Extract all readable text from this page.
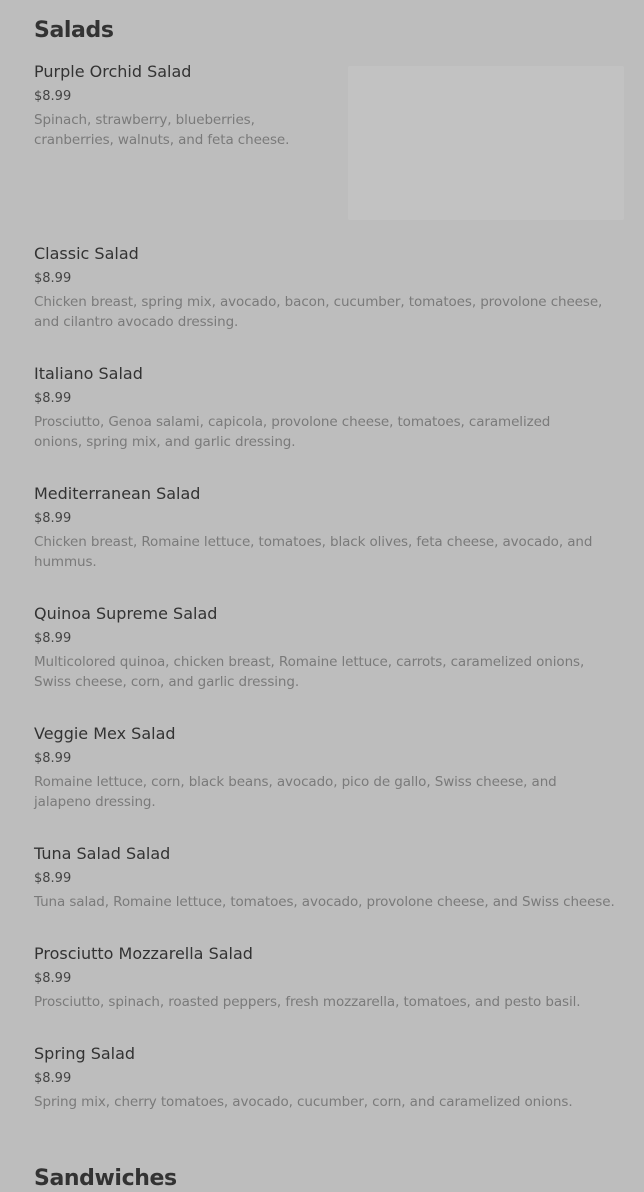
Salads
Purple Orchid Salad
$8.99
Spinach, strawberry, blueberries, cranberries, walnuts, and feta cheese.
Classic Salad
$8.99
Chicken breast, spring mix, avocado, bacon, cucumber, tomatoes, provolone cheese, and cilantro avocado dressing.
Italiano Salad
$8.99
Prosciutto, Genoa salami, capicola, provolone cheese, tomatoes, caramelized onions, spring mix, and garlic dressing.
Mediterranean Salad
$8.99
Chicken breast, Romaine lettuce, tomatoes, black olives, feta cheese, avocado, and hummus.
Quinoa Supreme Salad
$8.99
Multicolored quinoa, chicken breast, Romaine lettuce, carrots, caramelized onions, Swiss cheese, corn, and garlic dressing.
Veggie Mex Salad
$8.99
Romaine lettuce, corn, black beans, avocado, pico de gallo, Swiss cheese, and jalapeno dressing.
Tuna Salad Salad
$8.99
Tuna salad, Romaine lettuce, tomatoes, avocado, provolone cheese, and Swiss cheese.
Prosciutto Mozzarella Salad
$8.99
Prosciutto, spinach, roasted peppers, fresh mozzarella, tomatoes, and pesto basil.
Spring Salad
$8.99
Spring mix, cherry tomatoes, avocado, cucumber, corn, and caramelized onions.
Sandwiches
